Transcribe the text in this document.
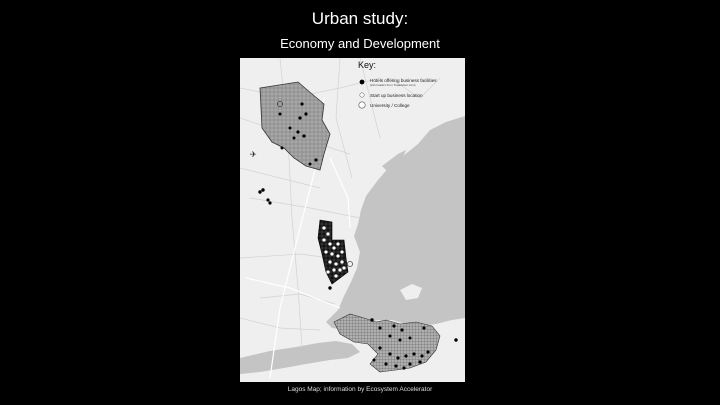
Urban study:
Economy and Development
✈
Key:
Hotels offering business facilities
(information from Tripadvisor.com)
Start up business location
University / College
Lagos Map; information by Ecosystem Accelerator
